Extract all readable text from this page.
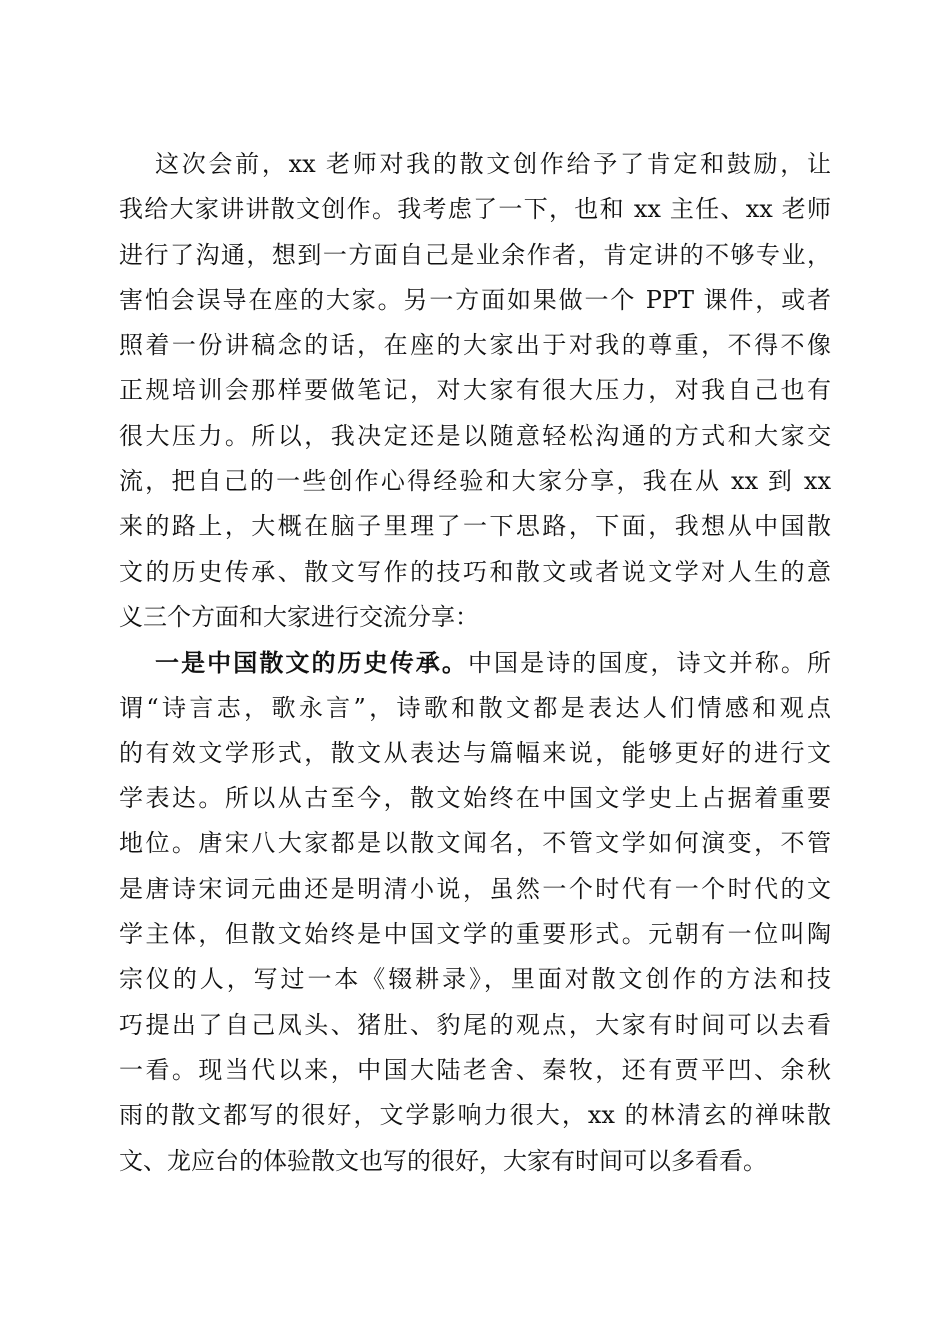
这次会前，xx 老师对我的散文创作给予了肯定和鼓励，让
我给大家讲讲散文创作。我考虑了一下，也和 xx 主任、xx 老师
进行了沟通，想到一方面自己是业余作者，肯定讲的不够专业，
害怕会误导在座的大家。另一方面如果做一个 PPT 课件，或者
照着一份讲稿念的话，在座的大家出于对我的尊重，不得不像
正规培训会那样要做笔记，对大家有很大压力，对我自己也有
很大压力。所以，我决定还是以随意轻松沟通的方式和大家交
流，把自己的一些创作心得经验和大家分享，我在从 xx 到 xx
来的路上，大概在脑子里理了一下思路，下面，我想从中国散
文的历史传承、散文写作的技巧和散文或者说文学对人生的意
义三个方面和大家进行交流分享：
一是中国散文的历史传承。中国是诗的国度，诗文并称。所
谓“诗言志，歌永言”，诗歌和散文都是表达人们情感和观点
的有效文学形式，散文从表达与篇幅来说，能够更好的进行文
学表达。所以从古至今，散文始终在中国文学史上占据着重要
地位。唐宋八大家都是以散文闻名，不管文学如何演变，不管
是唐诗宋词元曲还是明清小说，虽然一个时代有一个时代的文
学主体，但散文始终是中国文学的重要形式。元朝有一位叫陶
宗仪的人，写过一本《辍耕录》，里面对散文创作的方法和技
巧提出了自己凤头、猪肚、豹尾的观点，大家有时间可以去看
一看。现当代以来，中国大陆老舍、秦牧，还有贾平凹、余秋
雨的散文都写的很好，文学影响力很大，xx 的林清玄的禅味散
文、龙应台的体验散文也写的很好，大家有时间可以多看看。
